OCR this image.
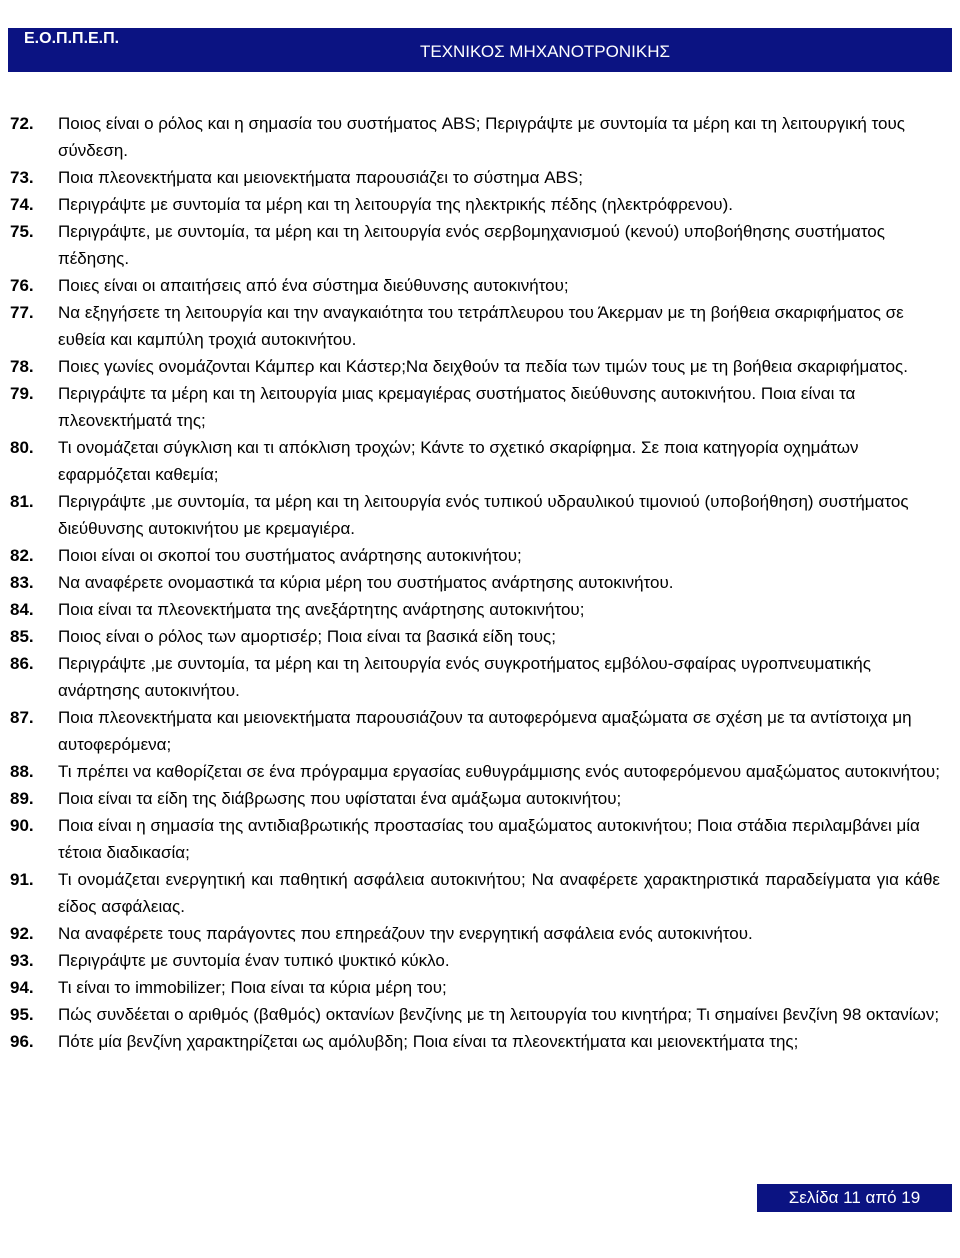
Ε.Ο.Π.Π.Ε.Π.
ΤΕΧΝΙΚΟΣ ΜΗΧΑΝΟΤΡΟΝΙΚΗΣ
72.	Ποιος είναι ο ρόλος και η σημασία του συστήματος ABS; Περιγράψτε με συντομία τα μέρη και τη λειτουργική τους σύνδεση.
73.	Ποια πλεονεκτήματα και μειονεκτήματα παρουσιάζει το σύστημα ABS;
74.	Περιγράψτε με συντομία τα μέρη και τη λειτουργία της ηλεκτρικής πέδης (ηλεκτρόφρενου).
75.	Περιγράψτε, με συντομία, τα μέρη και τη λειτουργία ενός σερβομηχανισμού (κενού) υποβοήθησης συστήματος πέδησης.
76.	Ποιες είναι οι απαιτήσεις από ένα σύστημα διεύθυνσης αυτοκινήτου;
77.	Να εξηγήσετε τη λειτουργία και την αναγκαιότητα του τετράπλευρου του Άκερμαν με τη βοήθεια σκαριφήματος σε ευθεία και καμπύλη τροχιά αυτοκινήτου.
78.	Ποιες γωνίες ονομάζονται Κάμπερ και Κάστερ;Να δειχθούν τα πεδία των τιμών τους με τη βοήθεια σκαριφήματος.
79.	Περιγράψτε τα μέρη και τη λειτουργία μιας κρεμαγιέρας συστήματος διεύθυνσης αυτοκινήτου. Ποια είναι τα πλεονεκτήματά της;
80.	Τι ονομάζεται σύγκλιση και τι απόκλιση τροχών; Κάντε το σχετικό σκαρίφημα. Σε ποια κατηγορία οχημάτων εφαρμόζεται καθεμία;
81.	Περιγράψτε ,με συντομία, τα μέρη και τη λειτουργία ενός τυπικού υδραυλικού τιμονιού (υποβοήθηση) συστήματος διεύθυνσης αυτοκινήτου με κρεμαγιέρα.
82.	Ποιοι είναι οι σκοποί του συστήματος ανάρτησης αυτοκινήτου;
83.	Να αναφέρετε ονομαστικά τα κύρια μέρη του συστήματος ανάρτησης αυτοκινήτου.
84.	Ποια είναι τα πλεονεκτήματα της ανεξάρτητης ανάρτησης αυτοκινήτου;
85.	Ποιος είναι ο ρόλος των αμορτισέρ; Ποια είναι τα βασικά είδη τους;
86.	Περιγράψτε ,με συντομία, τα μέρη και τη λειτουργία ενός συγκροτήματος εμβόλου-σφαίρας υγροπνευματικής ανάρτησης αυτοκινήτου.
87.	Ποια πλεονεκτήματα και μειονεκτήματα παρουσιάζουν τα αυτοφερόμενα αμαξώματα σε σχέση με τα αντίστοιχα μη αυτοφερόμενα;
88.	Τι πρέπει να καθορίζεται σε ένα πρόγραμμα εργασίας ευθυγράμμισης ενός αυτοφερόμενου αμαξώματος αυτοκινήτου;
89.	Ποια είναι τα είδη της διάβρωσης που υφίσταται ένα αμάξωμα αυτοκινήτου;
90.	Ποια είναι η σημασία της αντιδιαβρωτικής προστασίας του αμαξώματος αυτοκινήτου; Ποια στάδια περιλαμβάνει μία τέτοια διαδικασία;
91.	Τι ονομάζεται ενεργητική και παθητική ασφάλεια αυτοκινήτου; Να αναφέρετε χαρακτηριστικά παραδείγματα για κάθε είδος ασφάλειας.
92.	Να αναφέρετε τους παράγοντες που επηρεάζουν την ενεργητική ασφάλεια ενός αυτοκινήτου.
93.	Περιγράψτε με συντομία έναν τυπικό ψυκτικό κύκλο.
94.	Τι είναι το immobilizer; Ποια είναι τα κύρια μέρη του;
95.	Πώς συνδέεται ο αριθμός (βαθμός) οκτανίων βενζίνης με τη λειτουργία του κινητήρα; Τι σημαίνει βενζίνη 98 οκτανίων;
96.	Πότε μία βενζίνη χαρακτηρίζεται ως αμόλυβδη; Ποια είναι τα πλεονεκτήματα και μειονεκτήματα της;
Σελίδα 11 από 19
